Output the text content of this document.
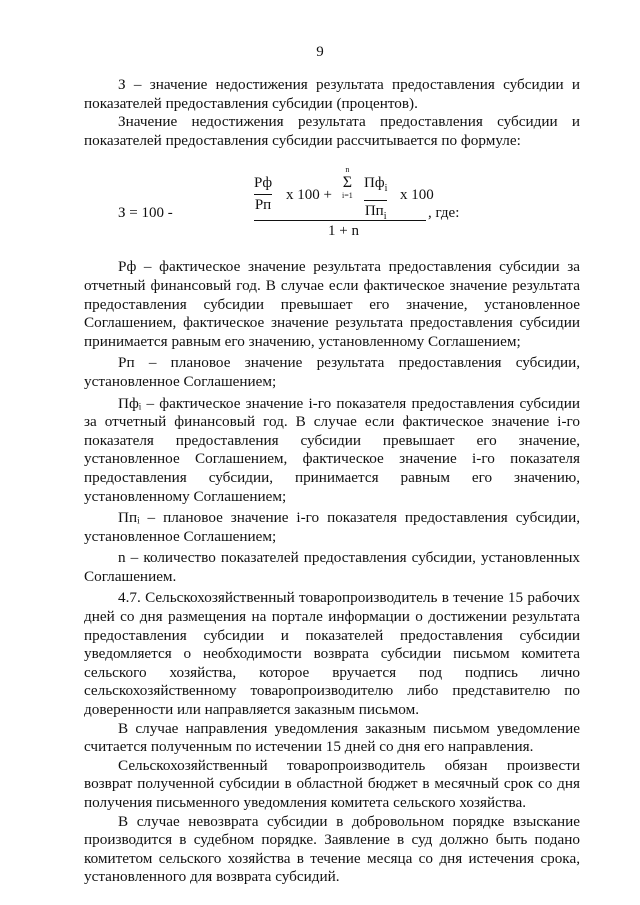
9

З – значение недостижения результата предоставления субсидии и показателей предоставления субсидии (процентов).

Значение недостижения результата предоставления субсидии и показателей предоставления субсидии рассчитывается по формуле:

З = 100 -
Рф
Рп
х 100 +
n
Σ
i=1
$Пф_i$
$Пп_i$
х 100
1 + n
, где:

Рф – фактическое значение результата предоставления субсидии за отчетный финансовый год. В случае если фактическое значение результата предоставления субсидии превышает его значение, установленное Соглашением, фактическое значение результата предоставления субсидии принимается равным его значению, установленному Соглашением;

Рп – плановое значение результата предоставления субсидии, установленное Соглашением;

Пфᵢ – фактическое значение i-го показателя предоставления субсидии за отчетный финансовый год. В случае если фактическое значение i-го показателя предоставления субсидии превышает его значение, установленное Соглашением, фактическое значение i-го показателя предоставления субсидии, принимается равным его значению, установленному Соглашением;

Ппᵢ – плановое значение i-го показателя предоставления субсидии, установленное Соглашением;

n – количество показателей предоставления субсидии, установленных Соглашением.

4.7. Сельскохозяйственный товаропроизводитель в течение 15 рабочих дней со дня размещения на портале информации о достижении результата предоставления субсидии и показателей предоставления субсидии уведомляется о необходимости возврата субсидии письмом комитета сельского хозяйства, которое вручается под подпись лично сельскохозяйственному товаропроизводителю либо представителю по доверенности или направляется заказным письмом.

В случае направления уведомления заказным письмом уведомление считается полученным по истечении 15 дней со дня его направления.

Сельскохозяйственный товаропроизводитель обязан произвести возврат полученной субсидии в областной бюджет в месячный срок со дня получения письменного уведомления комитета сельского хозяйства.

В случае невозврата субсидии в добровольном порядке взыскание производится в судебном порядке. Заявление в суд должно быть подано комитетом сельского хозяйства в течение месяца со дня истечения срока, установленного для возврата субсидий.
